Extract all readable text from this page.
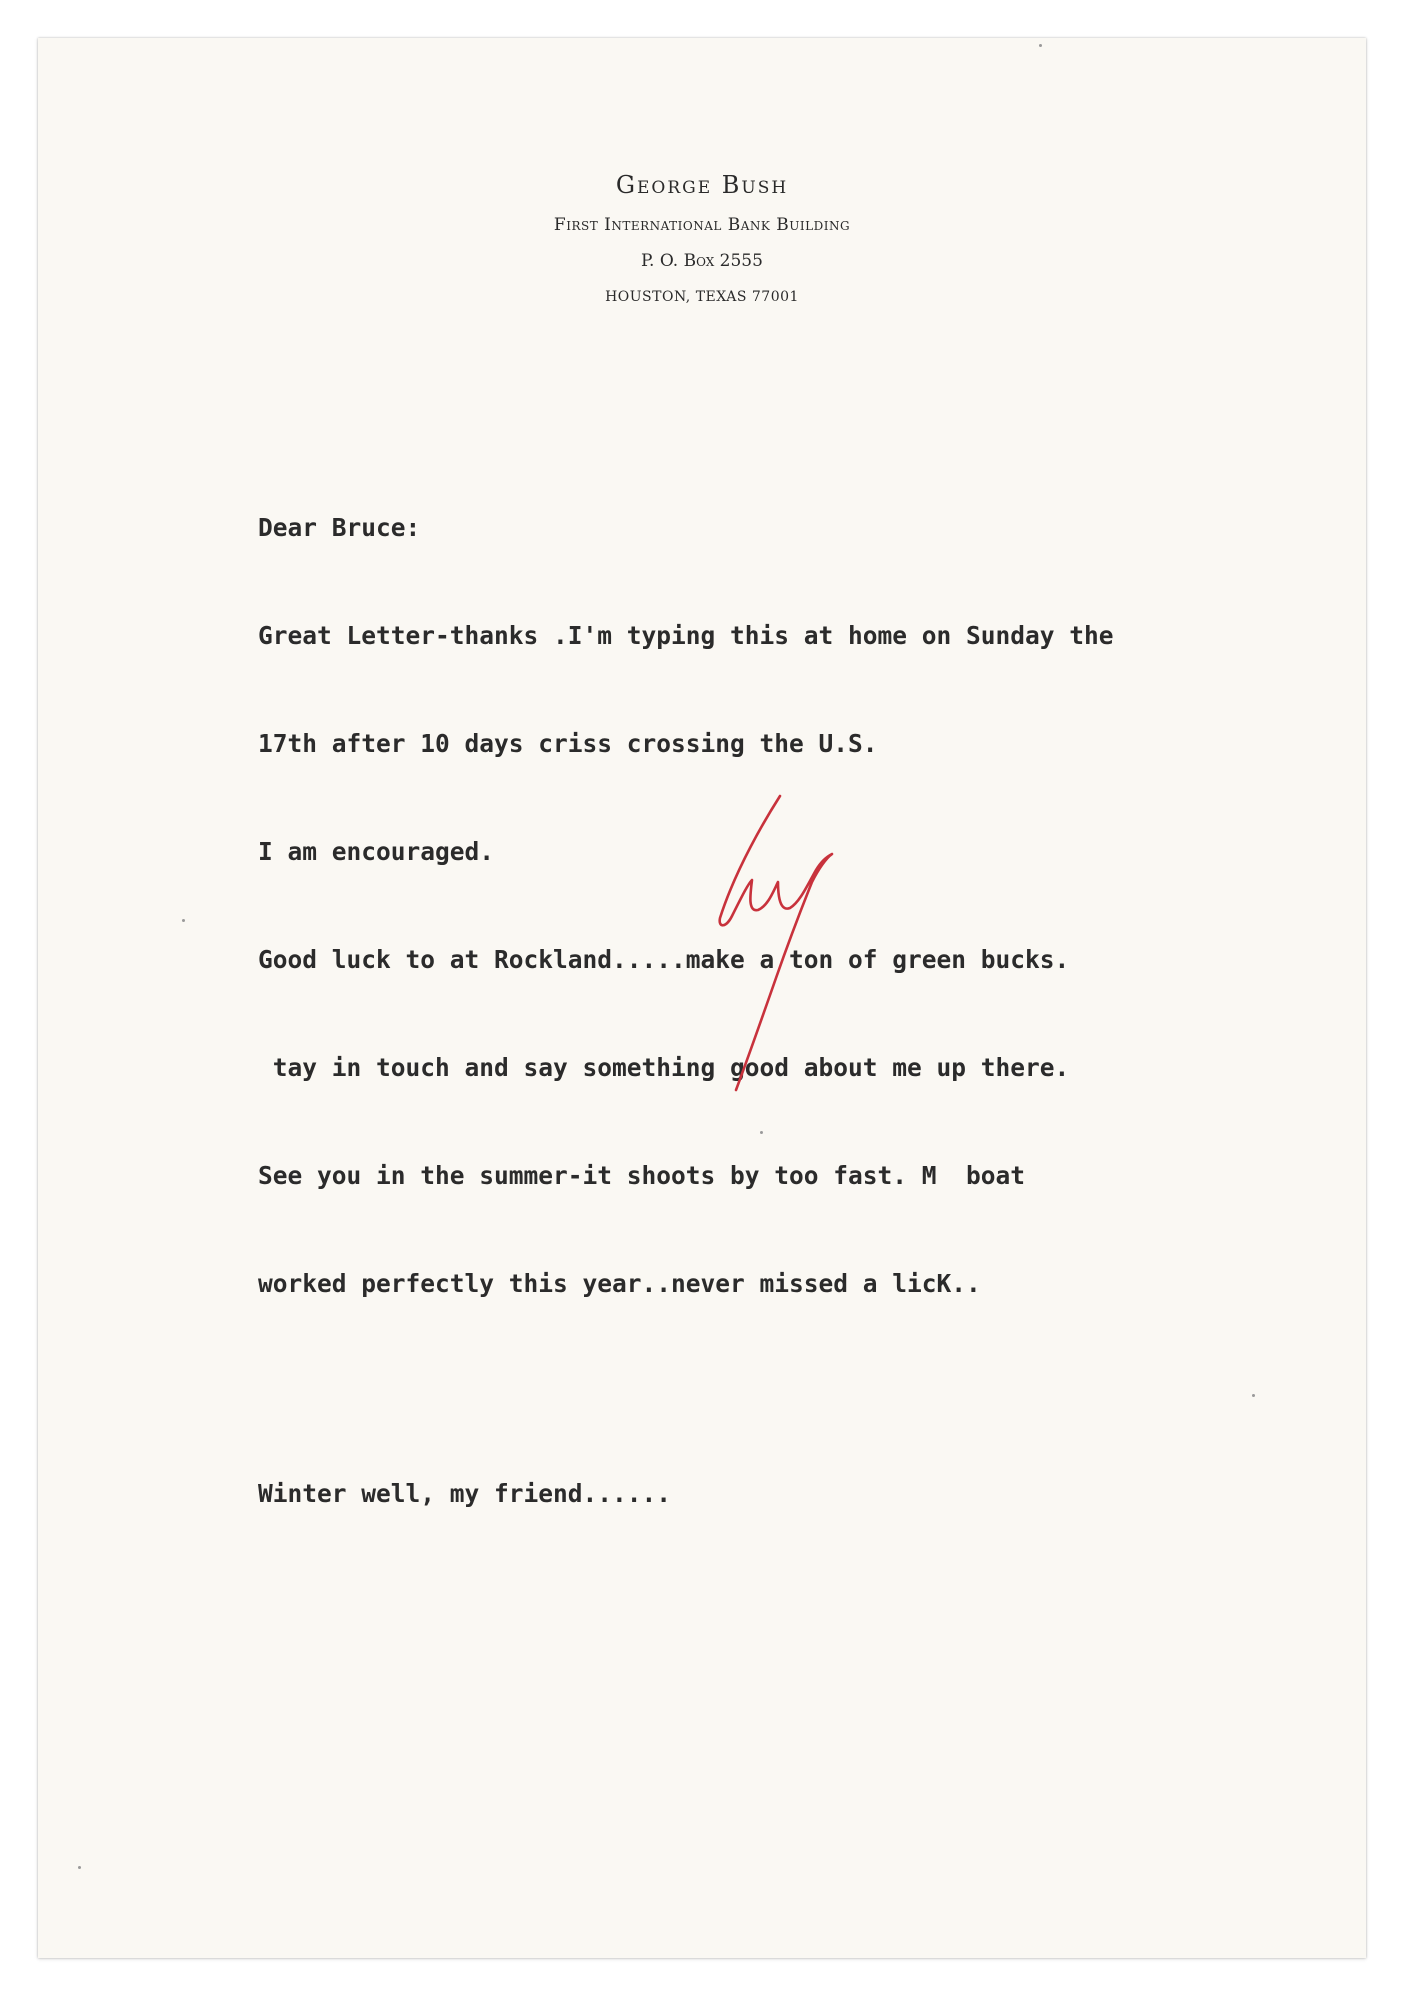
George Bush
First International Bank Building
P. O. Box 2555
HOUSTON, TEXAS 77001

Dear Bruce:

Great Letter-thanks .I'm typing this at home on Sunday the

17th after 10 days criss crossing the U.S.

I am encouraged.

Good luck to at Rockland.....make a ton of green bucks.

tay in touch and say something good about me up there.

See you in the summer-it shoots by too fast. M  boat

worked perfectly this year..never missed a licK..

Winter well, my friend......
